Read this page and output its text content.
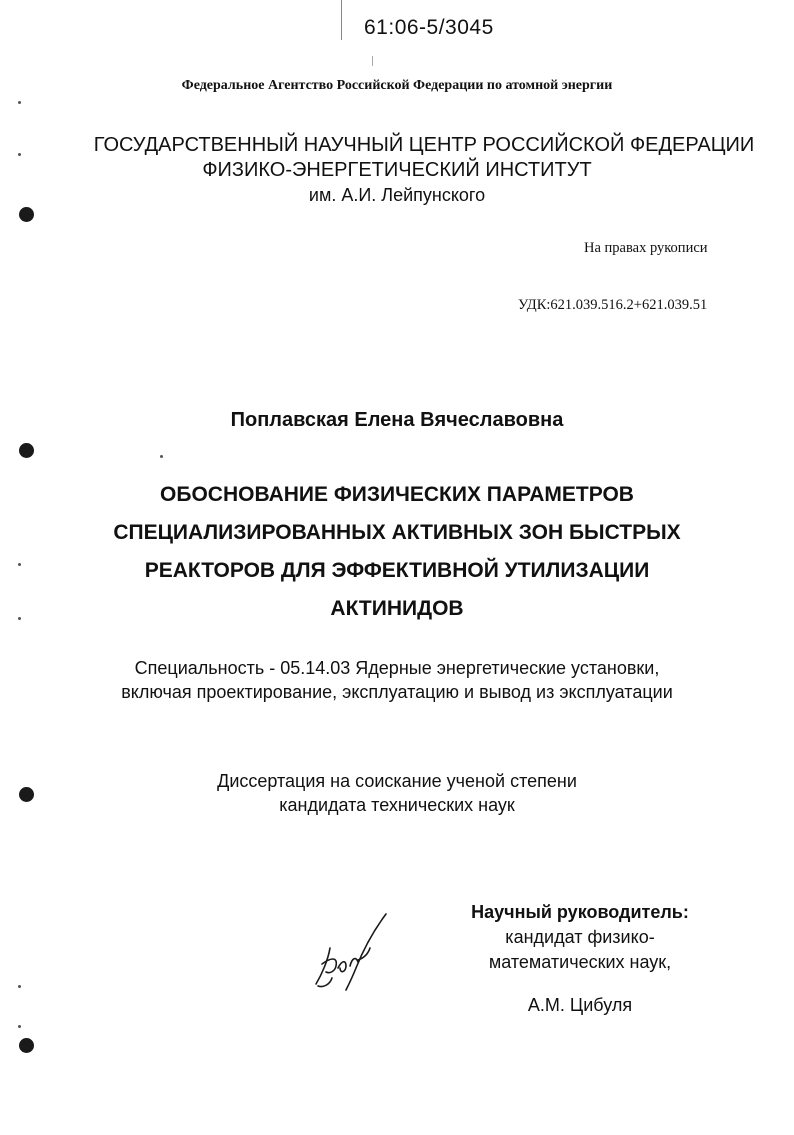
61:06-5/3045
Федеральное Агентство Российской Федерации по атомной энергии
ГОСУДАРСТВЕННЫЙ НАУЧНЫЙ ЦЕНТР РОССИЙСКОЙ ФЕДЕРАЦИИ
ФИЗИКО-ЭНЕРГЕТИЧЕСКИЙ ИНСТИТУТ
им. А.И. Лейпунского
На правах рукописи
УДК:621.039.516.2+621.039.51
Поплавская Елена Вячеславовна
ОБОСНОВАНИЕ ФИЗИЧЕСКИХ ПАРАМЕТРОВ
СПЕЦИАЛИЗИРОВАННЫХ АКТИВНЫХ ЗОН БЫСТРЫХ
РЕАКТОРОВ ДЛЯ ЭФФЕКТИВНОЙ УТИЛИЗАЦИИ
АКТИНИДОВ
Специальность - 05.14.03 Ядерные энергетические установки,
включая проектирование, эксплуатацию и вывод из эксплуатации
Диссертация на соискание ученой степени
кандидата технических наук
Научный руководитель:
кандидат физико-
математических наук,
А.М. Цибуля
